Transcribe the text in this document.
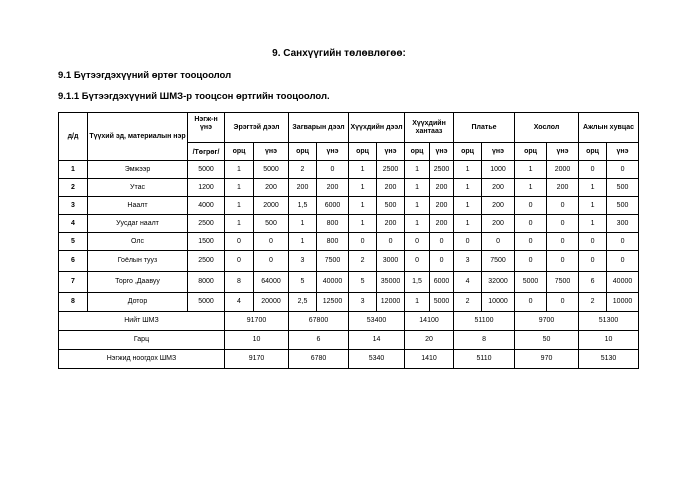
9. Санхүүгийн төлөвлөгөө:
9.1 Бүтээгдэхүүний өртөг тооцоолол
9.1.1 Бүтээгдэхүүний ШМЗ-р тооцсон өртгийн тооцоолол.
д/д	Түүхий эд, материалын нэр	Нэгж-н үнэ	Эрэгтэй дээл		Загварын дээл		Хүүхдийн дээл		Хүүхдийн хантааз		Платье		Хослол		Ажлын хувцас	
		/Төгрөг/	орц	үнэ	орц	үнэ	орц	үнэ	орц	үнэ	орц	үнэ	орц	үнэ	орц	үнэ
1	Эмжээр	5000	1	5000	2	0	1	2500	1	2500	1	1000	1	2000	0	0
2	Утас	1200	1	200	200	200	1	200	1	200	1	200	1	200	1	500
3	Наалт	4000	1	2000	1,5	6000	1	500	1	200	1	200	0	0	1	500
4	Уусдаг наалт	2500	1	500	1	800	1	200	1	200	1	200	0	0	1	300
5	Олс	1500	0	0	1	800	0	0	0	0	0	0	0	0	0	0
6	Гоёлын тууз	2500	0	0	3	7500	2	3000	0	0	3	7500	0	0	0	0
7	Торго ,Даавуу	8000	8	64000	5	40000	5	35000	1,5	6000	4	32000	5000	7500	6	40000
8	Дотор	5000	4	20000	2,5	12500	3	12000	1	5000	2	10000	0	0	2	10000
Нийт ШМЗ			91700		67800		53400		14100		51100		9700		51300	
Гарц			10		6		14		20		8		50		10	
Нэгжид ноогдох ШМЗ			9170		6780		5340		1410		5110		970		5130	
